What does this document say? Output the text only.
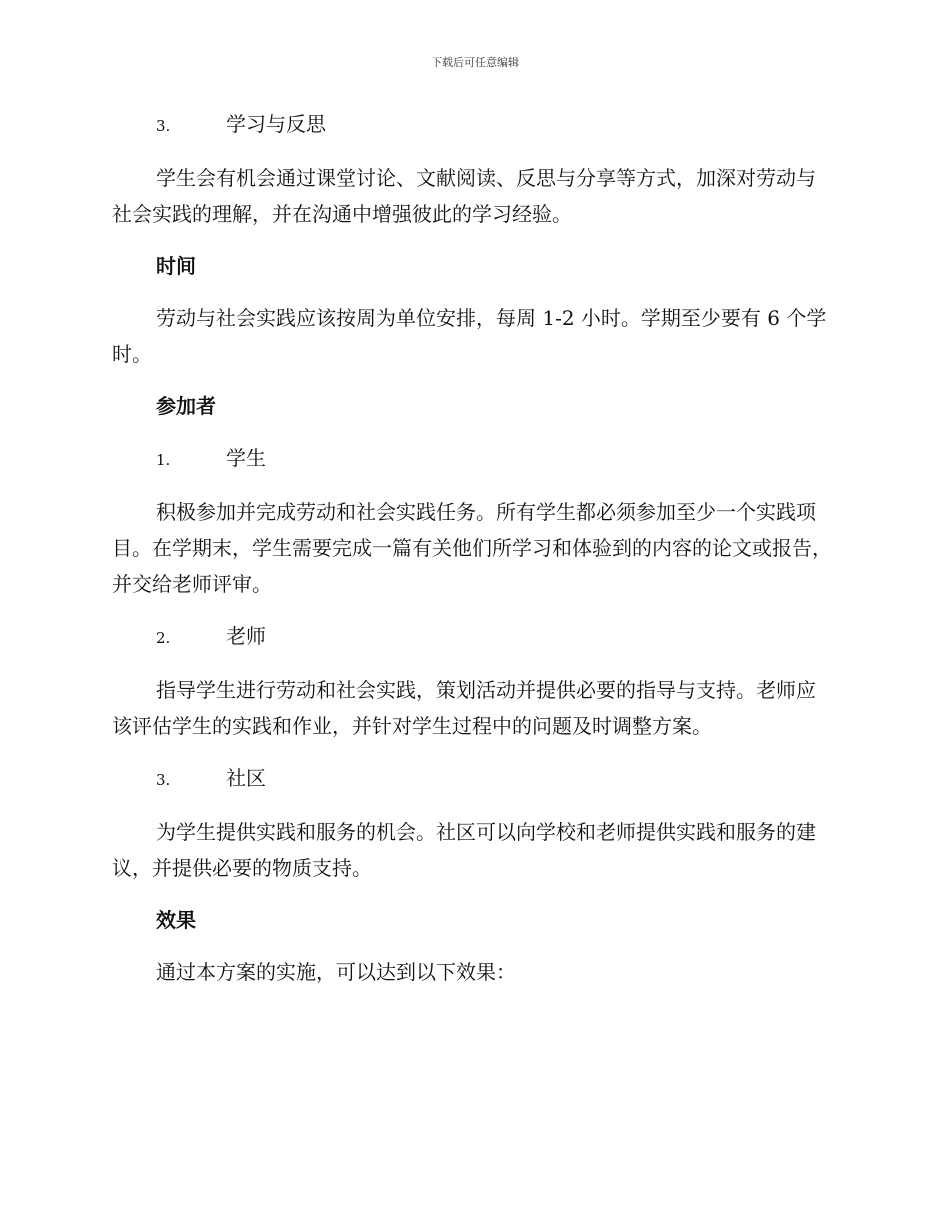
下载后可任意编辑
3.	学习与反思

学生会有机会通过课堂讨论、文献阅读、反思与分享等方式，加深对劳动与社会实践的理解，并在沟通中增强彼此的学习经验。

时间

劳动与社会实践应该按周为单位安排，每周 1-2 小时。学期至少要有 6 个学时。

参加者

1.	学生

积极参加并完成劳动和社会实践任务。所有学生都必须参加至少一个实践项目。在学期末，学生需要完成一篇有关他们所学习和体验到的内容的论文或报告，并交给老师评审。

2.	老师

指导学生进行劳动和社会实践，策划活动并提供必要的指导与支持。老师应该评估学生的实践和作业，并针对学生过程中的问题及时调整方案。

3.	社区

为学生提供实践和服务的机会。社区可以向学校和老师提供实践和服务的建议，并提供必要的物质支持。

效果

通过本方案的实施，可以达到以下效果：
